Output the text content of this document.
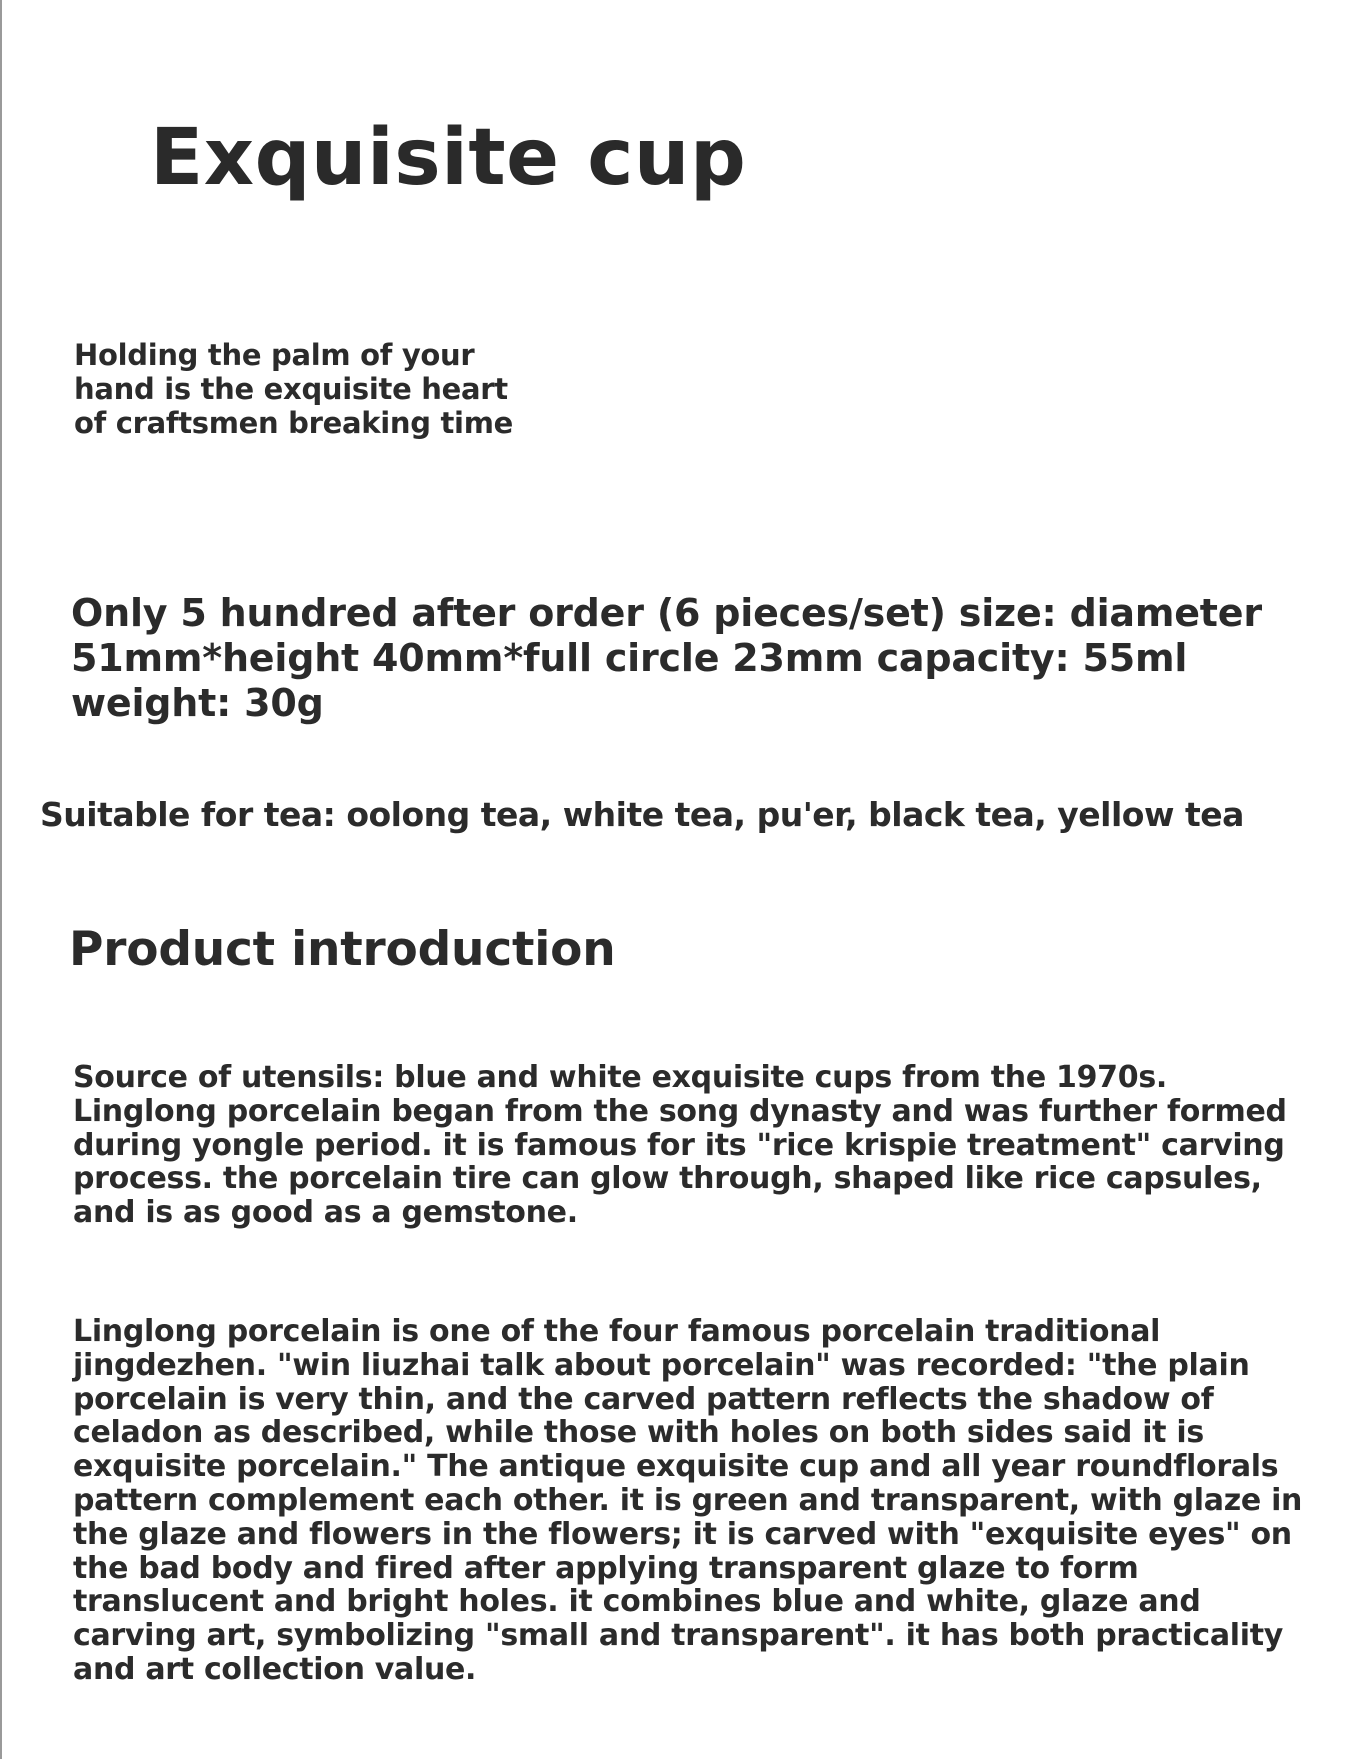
Exquisite cup

Holding the palm of your
hand is the exquisite heart
of craftsmen breaking time

Only 5 hundred after order (6 pieces/set) size: diameter
51mm*height 40mm*full circle 23mm capacity: 55ml
weight: 30g

Suitable for tea: oolong tea, white tea, pu'er, black tea, yellow tea

Product introduction

Source of utensils: blue and white exquisite cups from the 1970s.
Linglong porcelain began from the song dynasty and was further formed
during yongle period. it is famous for its "rice krispie treatment" carving
process. the porcelain tire can glow through, shaped like rice capsules,
and is as good as a gemstone.

Linglong porcelain is one of the four famous porcelain traditional
jingdezhen. "win liuzhai talk about porcelain" was recorded: "the plain
porcelain is very thin, and the carved pattern reflects the shadow of
celadon as described, while those with holes on both sides said it is
exquisite porcelain." The antique exquisite cup and all year roundflorals
pattern complement each other. it is green and transparent, with glaze in
the glaze and flowers in the flowers; it is carved with "exquisite eyes" on
the bad body and fired after applying transparent glaze to form
translucent and bright holes. it combines blue and white, glaze and
carving art, symbolizing "small and transparent". it has both practicality
and art collection value.
